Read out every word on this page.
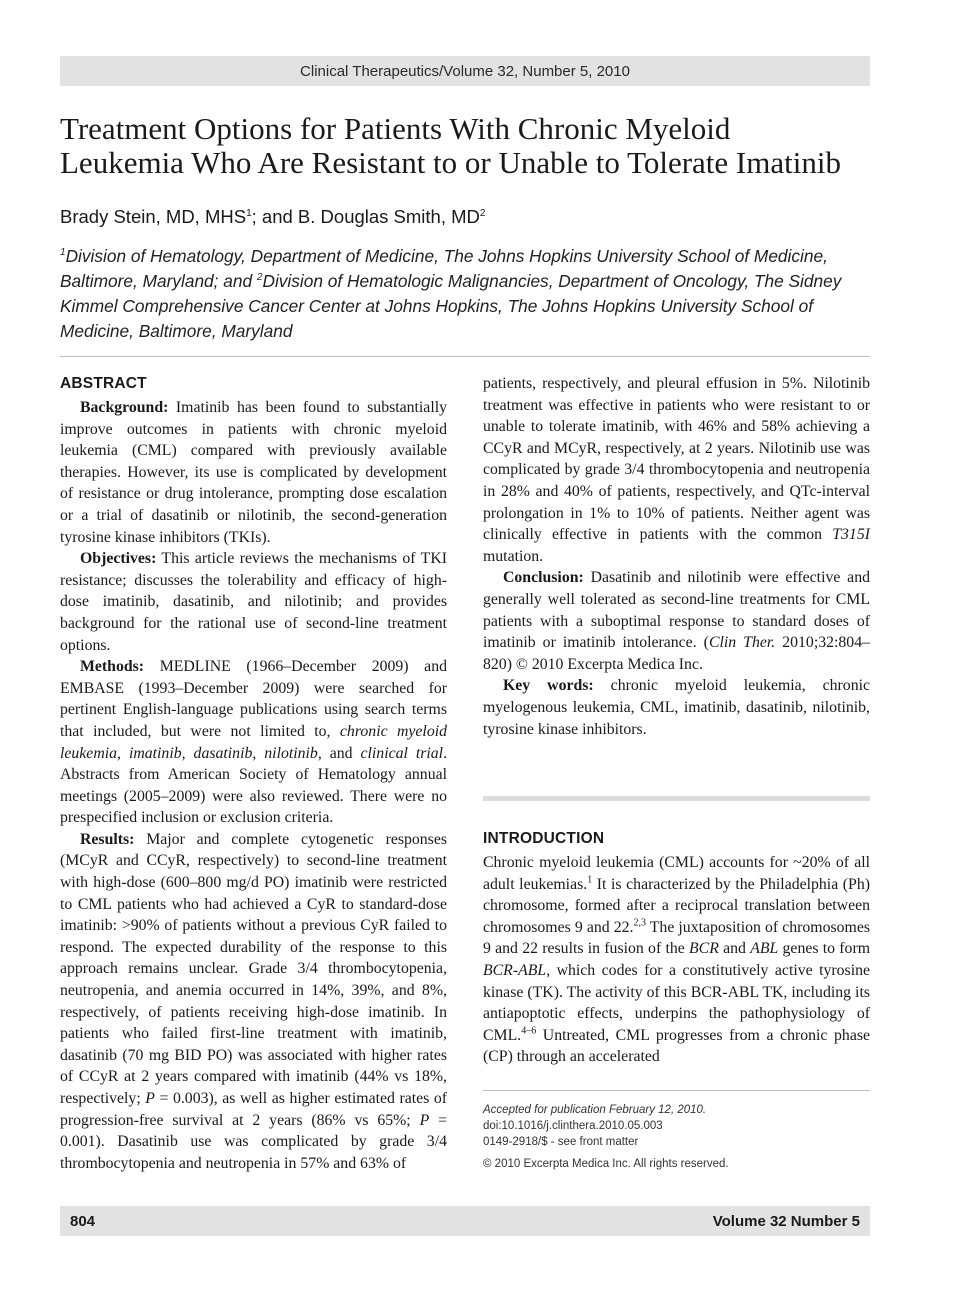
Clinical Therapeutics/Volume 32, Number 5, 2010
Treatment Options for Patients With Chronic Myeloid
Leukemia Who Are Resistant to or Unable to Tolerate Imatinib
Brady Stein, MD, MHS$^1$; and B. Douglas Smith, $MD^2$
$^1$Division of Hematology, Department of Medicine, The Johns Hopkins University School of Medicine, Baltimore, Maryland; and $^2$Division of Hematologic Malignancies, Department of Oncology, The Sidney Kimmel Comprehensive Cancer Center at Johns Hopkins, The Johns Hopkins University School of Medicine, Baltimore, Maryland
ABSTRACT

Background: Imatinib has been found to substantially improve outcomes in patients with chronic myeloid leukemia (CML) compared with previously available therapies. However, its use is complicated by development of resistance or drug intolerance, prompting dose escalation or a trial of dasatinib or nilotinib, the second-generation tyrosine kinase inhibitors (TKIs).

Objectives: This article reviews the mechanisms of TKI resistance; discusses the tolerability and efficacy of high-dose imatinib, dasatinib, and nilotinib; and provides background for the rational use of second-line treatment options.

Methods: MEDLINE (1966–December 2009) and EMBASE (1993–December 2009) were searched for pertinent English-language publications using search terms that included, but were not limited to, chronic myeloid leukemia, imatinib, dasatinib, nilotinib, and clinical trial. Abstracts from American Society of Hematology annual meetings (2005–2009) were also reviewed. There were no prespecified inclusion or exclusion criteria.

Results: Major and complete cytogenetic responses (MCyR and CCyR, respectively) to second-line treatment with high-dose (600–800 mg/d PO) imatinib were restricted to CML patients who had achieved a CyR to standard-dose imatinib: >90% of patients without a previous CyR failed to respond. The expected durability of the response to this approach remains unclear. Grade 3/4 thrombocytopenia, neutropenia, and anemia occurred in 14%, 39%, and 8%, respectively, of patients receiving high-dose imatinib. In patients who failed first-line treatment with imatinib, dasatinib (70 mg BID PO) was associated with higher rates of CCyR at 2 years compared with imatinib (44% vs 18%, respectively; P = 0.003), as well as higher estimated rates of progression-free survival at 2 years (86% vs 65%; P = 0.001). Dasatinib use was complicated by grade 3/4 thrombocytopenia and neutropenia in 57% and 63% of

patients, respectively, and pleural effusion in 5%. Nilotinib treatment was effective in patients who were resistant to or unable to tolerate imatinib, with 46% and 58% achieving a CCyR and MCyR, respectively, at 2 years. Nilotinib use was complicated by grade 3/4 thrombocytopenia and neutropenia in 28% and 40% of patients, respectively, and QTc-interval prolongation in 1% to 10% of patients. Neither agent was clinically effective in patients with the common T315I mutation.

Conclusion: Dasatinib and nilotinib were effective and generally well tolerated as second-line treatments for CML patients with a suboptimal response to standard doses of imatinib or imatinib intolerance. (Clin Ther. 2010;32:804–820) © 2010 Excerpta Medica Inc.

Key words: chronic myeloid leukemia, chronic myelogenous leukemia, CML, imatinib, dasatinib, nilotinib, tyrosine kinase inhibitors.

INTRODUCTION

Chronic myeloid leukemia (CML) accounts for ~20% of all adult leukemias.$^1$ It is characterized by the Philadelphia (Ph) chromosome, formed after a reciprocal translation between chromosomes 9 and 22.$^{2,3}$ The juxtaposition of chromosomes 9 and 22 results in fusion of the BCR and ABL genes to form BCR-ABL, which codes for a constitutively active tyrosine kinase (TK). The activity of this BCR-ABL TK, including its antiapoptotic effects, underpins the pathophysiology of CML.$^{4-6}$ Untreated, CML progresses from a chronic phase (CP) through an accelerated

Accepted for publication February 12, 2010.
doi:10.1016/j.clinthera.2010.05.003
0149-2918/$ - see front matter
© 2010 Excerpta Medica Inc. All rights reserved.
804	Volume 32 Number 5
